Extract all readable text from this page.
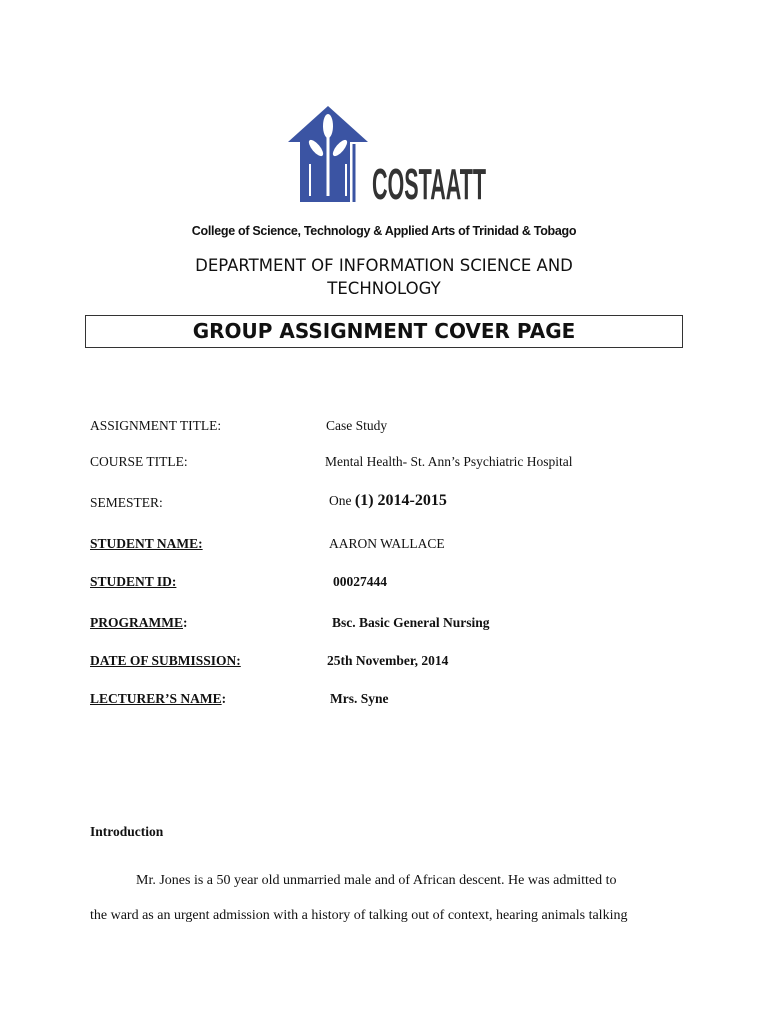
COSTAATT
College of Science, Technology & Applied Arts of Trinidad & Tobago
DEPARTMENT OF INFORMATION SCIENCE AND
TECHNOLOGY
GROUP ASSIGNMENT COVER PAGE
ASSIGNMENT TITLE:	Case Study
COURSE TITLE:	Mental Health- St. Ann’s Psychiatric Hospital
SEMESTER:	One (1) 2014-2015
STUDENT NAME:	AARON WALLACE
STUDENT ID:	00027444
PROGRAMME:	Bsc. Basic General Nursing
DATE OF SUBMISSION:	25th November, 2014
LECTURER’S NAME:	Mrs. Syne
Introduction
Mr. Jones is a 50 year old unmarried male and of African descent. He was admitted to
the ward as an urgent admission with a history of talking out of context, hearing animals talking
